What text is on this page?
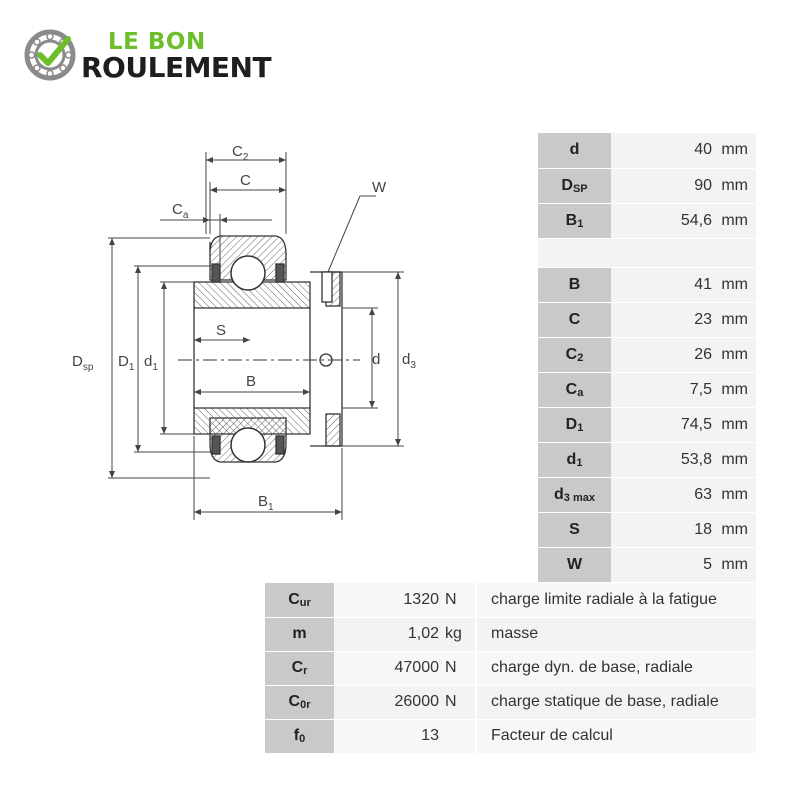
LE BON
ROULEMENT
$C_2$
C
$C_a$
W
S
B
$B_1$
$D_{sp}$ $D_1$ $d_1$	d $d_3$
d	40 mm
$D_{SP}$	90 mm
$B_1$	54,6 mm

B	41 mm
C	23 mm
$C_2$	26 mm
$C_a$	7,5 mm
$D_1$	74,5 mm
$d_1$	53,8 mm
$d_{3 max}$	63 mm
S	18 mm
W	5 mm
$C_{ur}$	1320 N	charge limite radiale à la fatigue
m	1,02 kg	masse
$C_r$	47000 N	charge dyn. de base, radiale
$C_{0r}$	26000 N	charge statique de base, radiale
$f_0$	13	Facteur de calcul
